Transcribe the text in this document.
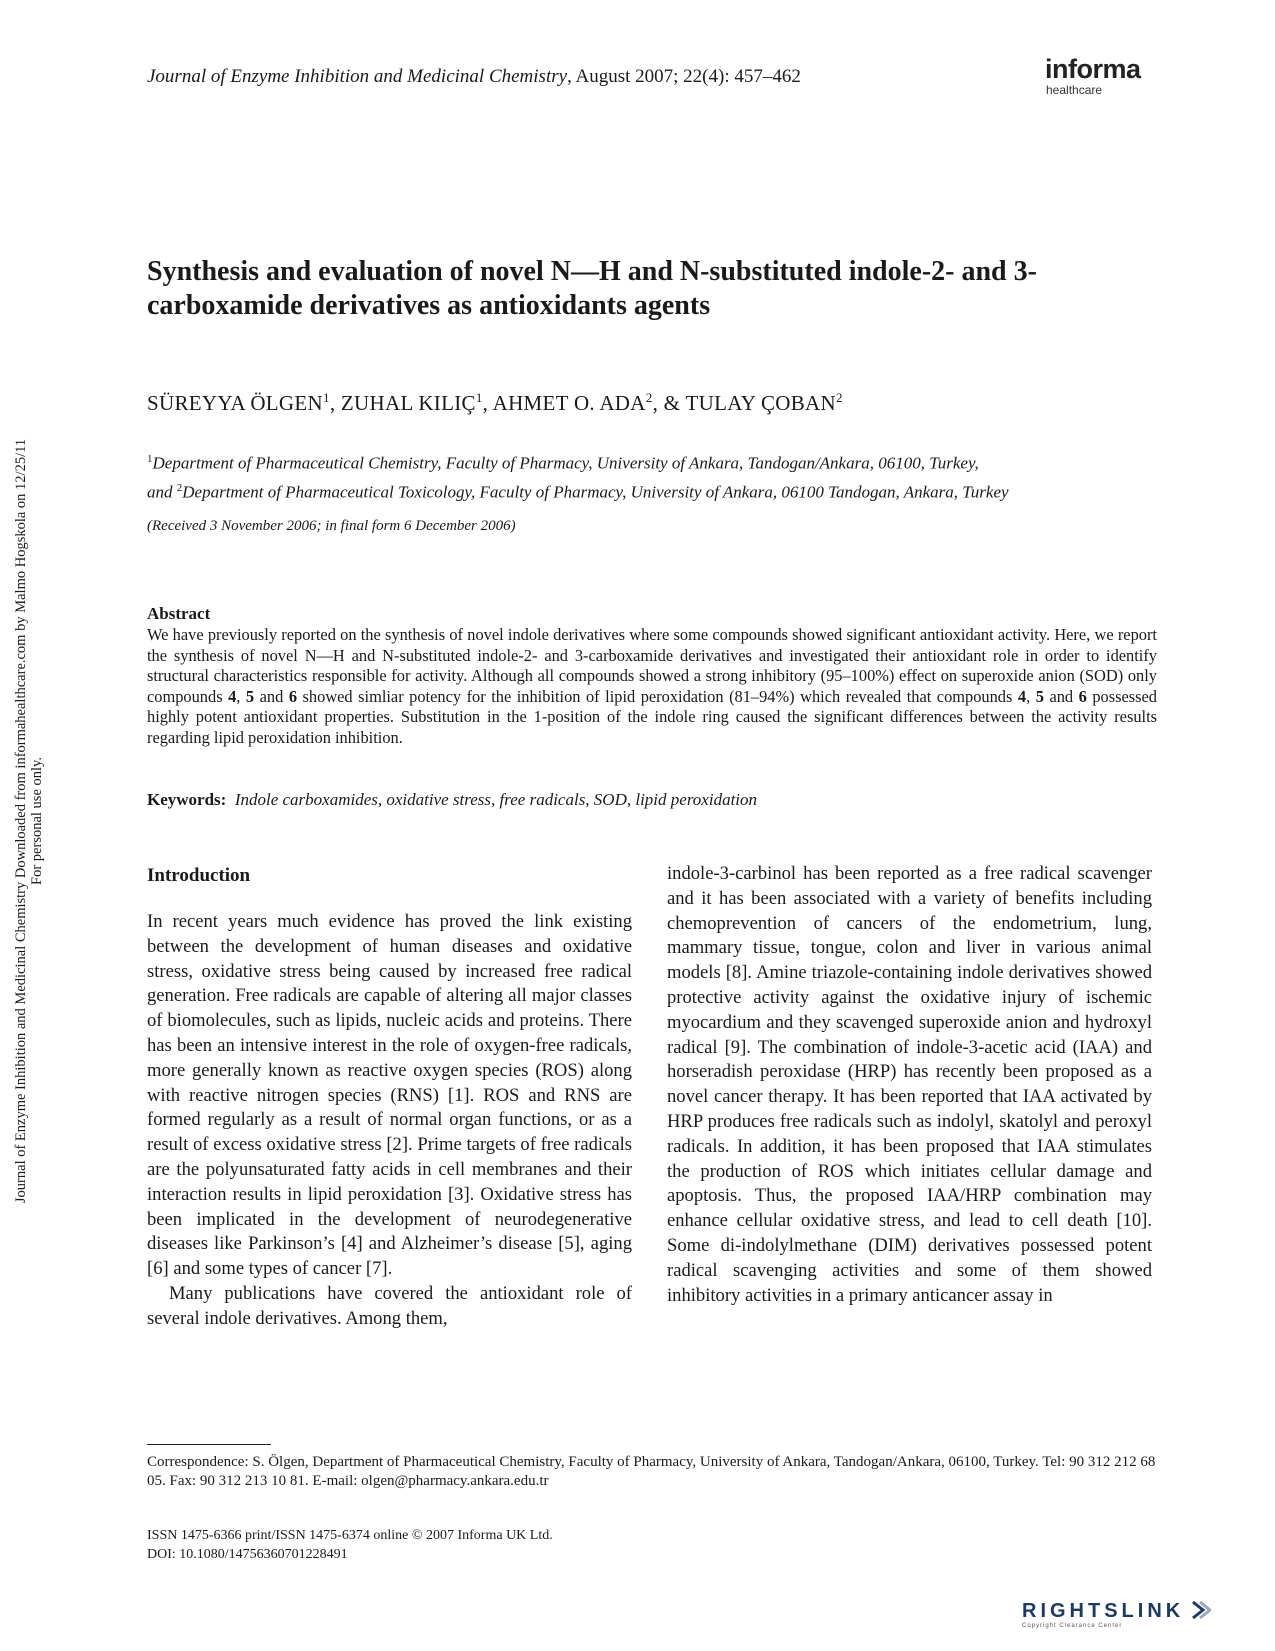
Journal of Enzyme Inhibition and Medicinal Chemistry, August 2007; 22(4): 457–462	informa
healthcare
Journal of Enzyme Inhibition and Medicinal Chemistry Downloaded from informahealthcare.com by Malmo Hogskola on 12/25/11 For personal use only.
Synthesis and evaluation of novel N—H and N-substituted indole-2- and 3-carboxamide derivatives as antioxidants agents
SÜREYYA ÖLGEN$^1$, ZUHAL KILIÇ$^1$, AHMET O. ADA$^2$, & TULAY ÇOBAN$^2$
$^1$Department of Pharmaceutical Chemistry, Faculty of Pharmacy, University of Ankara, Tandogan/Ankara, 06100, Turkey,
and $^2$Department of Pharmaceutical Toxicology, Faculty of Pharmacy, University of Ankara, 06100 Tandogan, Ankara, Turkey
(Received 3 November 2006; in final form 6 December 2006)
Abstract
We have previously reported on the synthesis of novel indole derivatives where some compounds showed significant antioxidant activity. Here, we report the synthesis of novel N—H and N-substituted indole-2- and 3-carboxamide derivatives and investigated their antioxidant role in order to identify structural characteristics responsible for activity. Although all compounds showed a strong inhibitory (95–100%) effect on superoxide anion (SOD) only compounds 4, 5 and 6 showed simliar potency for the inhibition of lipid peroxidation (81–94%) which revealed that compounds 4, 5 and 6 possessed highly potent antioxidant properties. Substitution in the 1-position of the indole ring caused the significant differences between the activity results regarding lipid peroxidation inhibition.
Keywords: Indole carboxamides, oxidative stress, free radicals, SOD, lipid peroxidation
Introduction

In recent years much evidence has proved the link existing between the development of human diseases and oxidative stress, oxidative stress being caused by increased free radical generation. Free radicals are capable of altering all major classes of biomolecules, such as lipids, nucleic acids and proteins. There has been an intensive interest in the role of oxygen-free radicals, more generally known as reactive oxygen species (ROS) along with reactive nitrogen species (RNS) [1]. ROS and RNS are formed regularly as a result of normal organ functions, or as a result of excess oxidative stress [2]. Prime targets of free radicals are the polyunsaturated fatty acids in cell membranes and their interaction results in lipid peroxidation [3]. Oxidative stress has been implicated in the development of neurodegenerative diseases like Parkinson’s [4] and Alzheimer’s disease [5], aging [6] and some types of cancer [7].

Many publications have covered the antioxidant role of several indole derivatives. Among them,

indole-3-carbinol has been reported as a free radical scavenger and it has been associated with a variety of benefits including chemoprevention of cancers of the endometrium, lung, mammary tissue, tongue, colon and liver in various animal models [8]. Amine triazole-containing indole derivatives showed protective activity against the oxidative injury of ischemic myocardium and they scavenged superoxide anion and hydroxyl radical [9]. The combination of indole-3-acetic acid (IAA) and horseradish peroxidase (HRP) has recently been proposed as a novel cancer therapy. It has been reported that IAA activated by HRP produces free radicals such as indolyl, skatolyl and peroxyl radicals. In addition, it has been proposed that IAA stimulates the production of ROS which initiates cellular damage and apoptosis. Thus, the proposed IAA/HRP combination may enhance cellular oxidative stress, and lead to cell death [10]. Some di-indolylmethane (DIM) derivatives possessed potent radical scavenging activities and some of them showed inhibitory activities in a primary anticancer assay in

Correspondence: S. Ölgen, Department of Pharmaceutical Chemistry, Faculty of Pharmacy, University of Ankara, Tandogan/Ankara, 06100, Turkey. Tel: 90 312 212 68 05. Fax: 90 312 213 10 81. E-mail: olgen@pharmacy.ankara.edu.tr
ISSN 1475-6366 print/ISSN 1475-6374 online © 2007 Informa UK Ltd.
DOI: 10.1080/14756360701228491
RIGHTSLINK
Copyright Clearance Center
